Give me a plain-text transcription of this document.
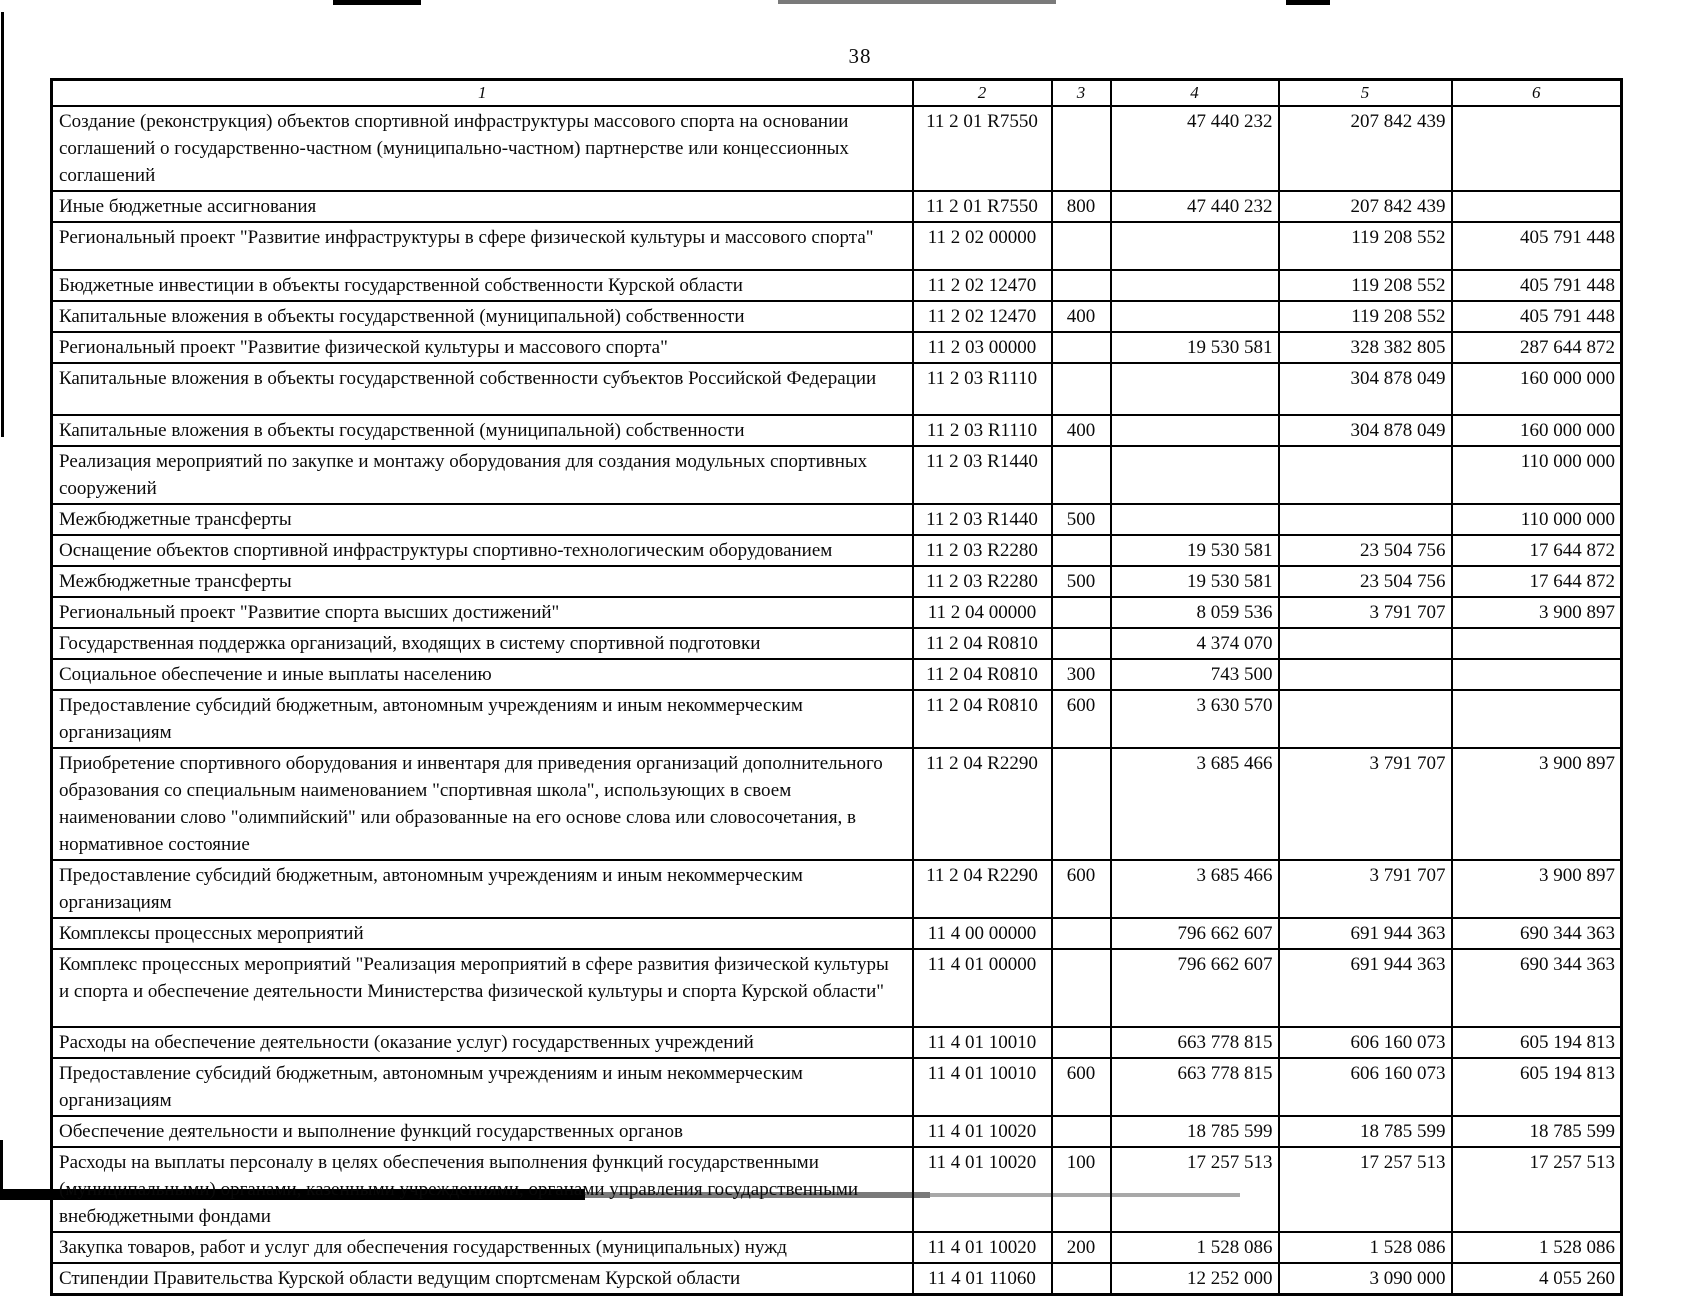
38
1	2	3	4	5	6
Создание (реконструкция) объектов спортивной инфраструктуры массового спорта на основании соглашений о государственно-частном (муниципально-частном) партнерстве или концессионных соглашений	11 2 01 R7550		47 440 232	207 842 439	
Иные бюджетные ассигнования	11 2 01 R7550	800	47 440 232	207 842 439	
Региональный проект "Развитие инфраструктуры в сфере физической культуры и массового спорта"	11 2 02 00000			119 208 552	405 791 448
Бюджетные инвестиции в объекты государственной собственности Курской области	11 2 02 12470			119 208 552	405 791 448
Капитальные вложения в объекты государственной (муниципальной) собственности	11 2 02 12470	400		119 208 552	405 791 448
Региональный проект "Развитие физической культуры и массового спорта"	11 2 03 00000		19 530 581	328 382 805	287 644 872
Капитальные вложения в объекты государственной собственности субъектов Российской Федерации	11 2 03 R1110			304 878 049	160 000 000
Капитальные вложения в объекты государственной (муниципальной) собственности	11 2 03 R1110	400		304 878 049	160 000 000
Реализация мероприятий по закупке и монтажу оборудования для создания модульных спортивных сооружений	11 2 03 R1440				110 000 000
Межбюджетные трансферты	11 2 03 R1440	500			110 000 000
Оснащение объектов спортивной инфраструктуры спортивно-технологическим оборудованием	11 2 03 R2280		19 530 581	23 504 756	17 644 872
Межбюджетные трансферты	11 2 03 R2280	500	19 530 581	23 504 756	17 644 872
Региональный проект "Развитие спорта высших достижений"	11 2 04 00000		8 059 536	3 791 707	3 900 897
Государственная поддержка организаций, входящих в систему спортивной подготовки	11 2 04 R0810		4 374 070		
Социальное обеспечение и иные выплаты населению	11 2 04 R0810	300	743 500		
Предоставление субсидий бюджетным, автономным учреждениям и иным некоммерческим организациям	11 2 04 R0810	600	3 630 570		
Приобретение спортивного оборудования и инвентаря для приведения организаций дополнительного образования со специальным наименованием "спортивная школа", использующих в своем наименовании слово "олимпийский" или образованные на его основе слова или словосочетания, в нормативное состояние	11 2 04 R2290		3 685 466	3 791 707	3 900 897
Предоставление субсидий бюджетным, автономным учреждениям и иным некоммерческим организациям	11 2 04 R2290	600	3 685 466	3 791 707	3 900 897
Комплексы процессных мероприятий	11 4 00 00000		796 662 607	691 944 363	690 344 363
Комплекс процессных мероприятий "Реализация мероприятий в сфере развития физической культуры и спорта и обеспечение деятельности Министерства физической культуры и спорта Курской области"	11 4 01 00000		796 662 607	691 944 363	690 344 363
Расходы на обеспечение деятельности (оказание услуг) государственных учреждений	11 4 01 10010		663 778 815	606 160 073	605 194 813
Предоставление субсидий бюджетным, автономным учреждениям и иным некоммерческим организациям	11 4 01 10010	600	663 778 815	606 160 073	605 194 813
Обеспечение деятельности и выполнение функций государственных органов	11 4 01 10020		18 785 599	18 785 599	18 785 599
Расходы на выплаты персоналу в целях обеспечения выполнения функций государственными (муниципальными) органами, казенными учреждениями, органами управления государственными внебюджетными фондами	11 4 01 10020	100	17 257 513	17 257 513	17 257 513
Закупка товаров, работ и услуг для обеспечения государственных (муниципальных) нужд	11 4 01 10020	200	1 528 086	1 528 086	1 528 086
Стипендии Правительства Курской области ведущим спортсменам Курской области	11 4 01 11060		12 252 000	3 090 000	4 055 260
